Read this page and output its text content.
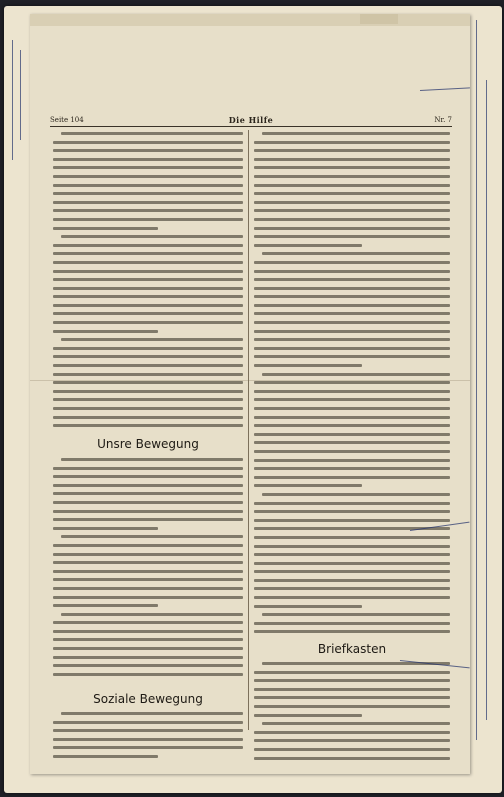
Seite 104	Die Hilfe	Nr. 7
Unsre Bewegung
Soziale Bewegung
Briefkasten
